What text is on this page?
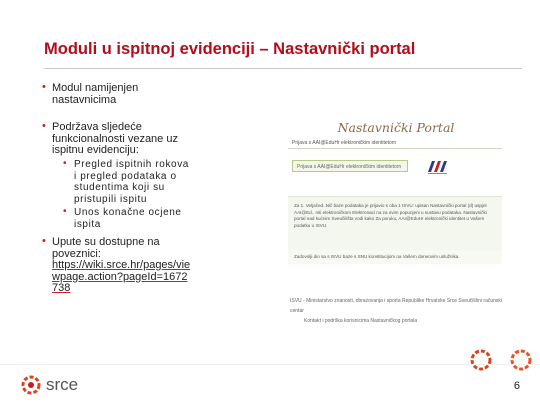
Moduli u ispitnoj evidenciji – Nastavnički portal
• Modul namijenjen nastavnicima
• Podržava sljedeće funkcionalnosti vezane uz ispitnu evidenciju:
• Pregled ispitnih rokova i pregled podataka o studentima koji su pristupili ispitu
• Unos konačne ocjene ispita
• Upute su dostupne na poveznici:
https://wiki.srce.hr/pages/viewpage.action?pageId=1672738
Nastavnički Portal
Prijava s AAI@EduHr elektroničkim identitetom
Prijava s AAI@EduHr elektroničkim identitetom
Za 1. Veljačed..Nič baze podataka je prijavio s oba 1 ISVU: upisan Nastavnički portal (d) uspjel AAI@Ed.. niti elektroničkom Elektronaci na za ovim popunjeni u sustavu podataka. Nastavnički portal nad kućnim Sveučilišta vodi kako Za poruku, AAI@EduHr elektronički identitet u Vašem podatku u ISVU.
Zadovolji dio sa s ISVU baze s SNU konstitucijom na Vašem daneovim uslužnika.
ISVU - Ministarstvo znanosti, obrazovanja i sporta Republike Hrvatske Srce Sveučilišni računski centar
Kontakt i podrška korisnicima Nastavničkog portala
srce	6
